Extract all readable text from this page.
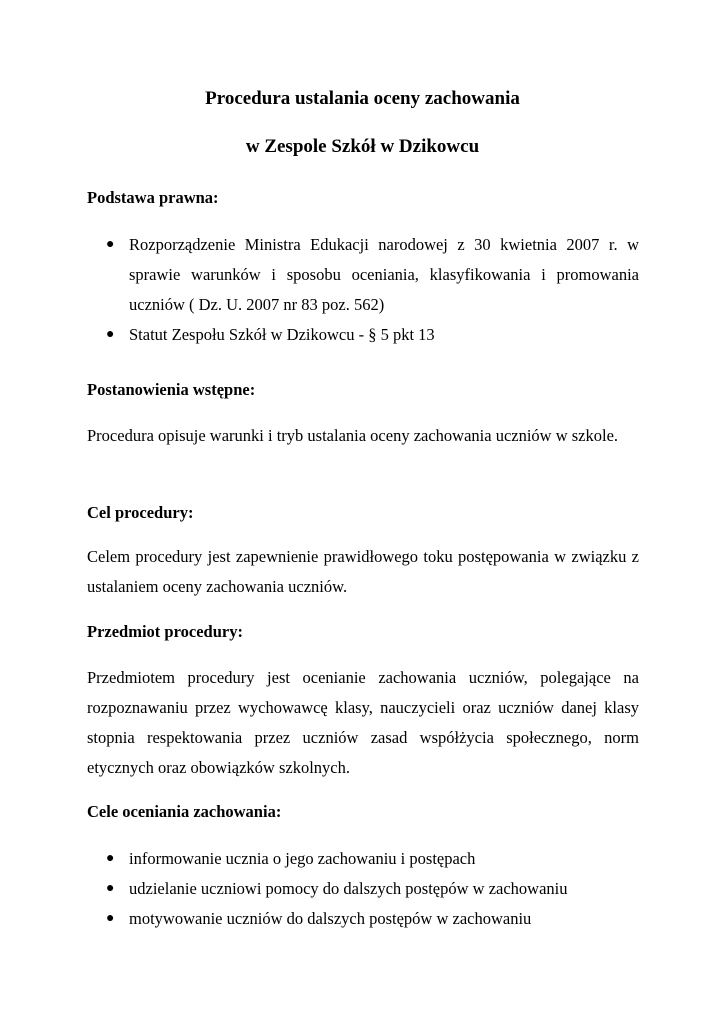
Procedura ustalania oceny zachowania
w Zespole Szkół w Dzikowcu
Podstawa prawna:
● Rozporządzenie Ministra Edukacji narodowej z 30 kwietnia 2007 r. w sprawie warunków i sposobu oceniania, klasyfikowania i promowania uczniów ( Dz. U. 2007 nr 83 poz. 562)
● Statut Zespołu Szkół w Dzikowcu - § 5 pkt 13
Postanowienia wstępne:

Procedura opisuje warunki i tryb ustalania oceny zachowania uczniów w szkole.

Cel procedury:

Celem procedury jest zapewnienie prawidłowego toku postępowania w związku z ustalaniem oceny zachowania uczniów.

Przedmiot procedury:

Przedmiotem procedury jest ocenianie zachowania uczniów, polegające na rozpoznawaniu przez wychowawcę klasy, nauczycieli oraz uczniów danej klasy stopnia respektowania przez uczniów zasad współżycia społecznego, norm etycznych oraz obowiązków szkolnych.

Cele oceniania zachowania:
● informowanie ucznia o jego zachowaniu i postępach
● udzielanie uczniowi pomocy do dalszych postępów w zachowaniu
● motywowanie uczniów do dalszych postępów w zachowaniu
